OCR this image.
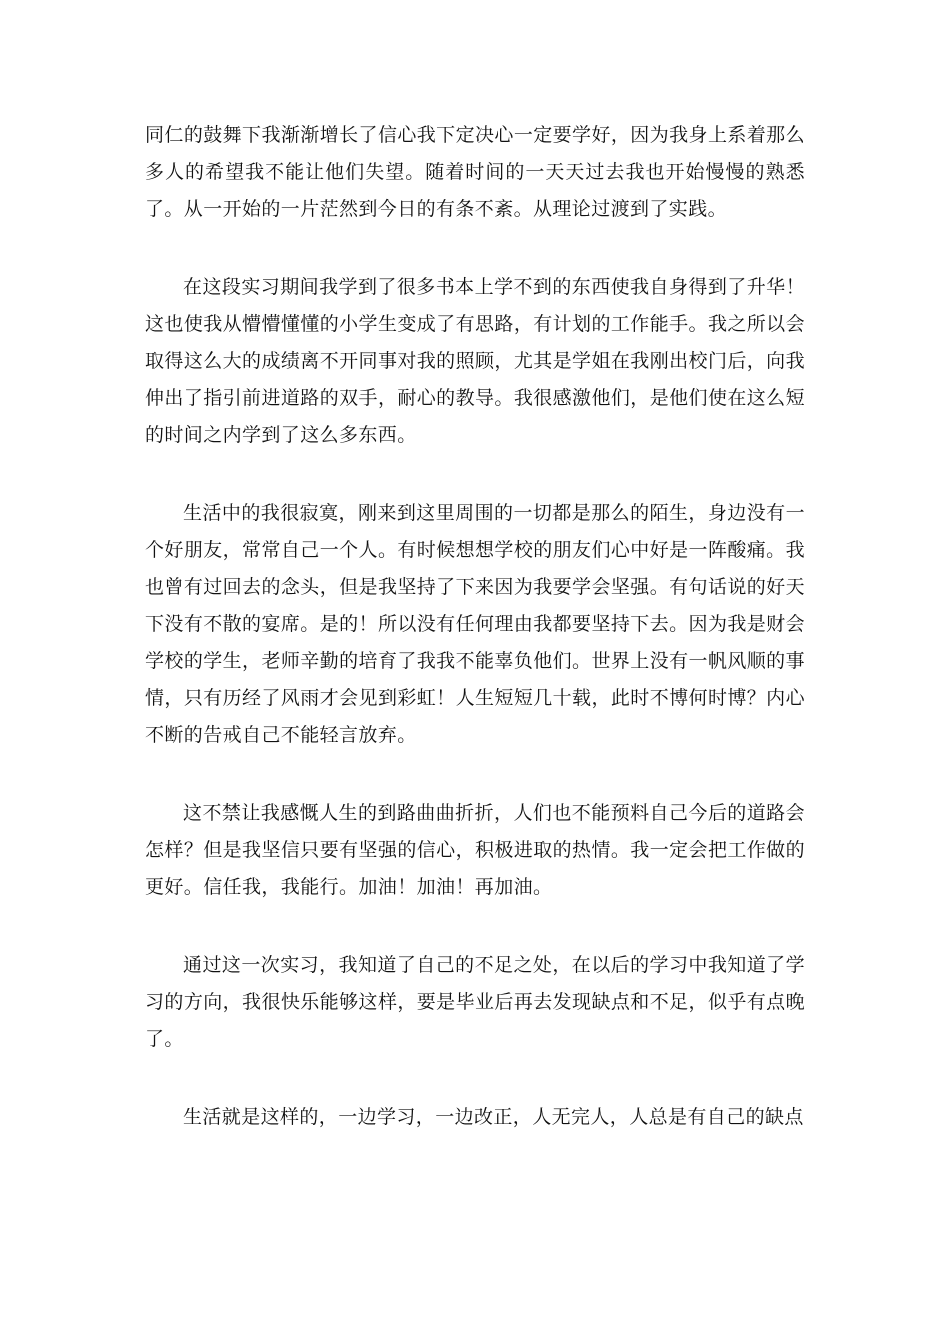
同仁的鼓舞下我渐渐增长了信心我下定决心一定要学好，因为我身上系着那么多人的希望我不能让他们失望。随着时间的一天天过去我也开始慢慢的熟悉了。从一开始的一片茫然到今日的有条不紊。从理论过渡到了实践。

在这段实习期间我学到了很多书本上学不到的东西使我自身得到了升华！这也使我从懵懵懂懂的小学生变成了有思路，有计划的工作能手。我之所以会取得这么大的成绩离不开同事对我的照顾，尤其是学姐在我刚出校门后，向我伸出了指引前进道路的双手，耐心的教导。我很感激他们，是他们使在这么短的时间之内学到了这么多东西。

生活中的我很寂寞，刚来到这里周围的一切都是那么的陌生，身边没有一个好朋友，常常自己一个人。有时候想想学校的朋友们心中好是一阵酸痛。我也曾有过回去的念头，但是我坚持了下来因为我要学会坚强。有句话说的好天下没有不散的宴席。是的！所以没有任何理由我都要坚持下去。因为我是财会学校的学生，老师辛勤的培育了我我不能辜负他们。世界上没有一帆风顺的事情，只有历经了风雨才会见到彩虹！人生短短几十载，此时不博何时博？内心不断的告戒自己不能轻言放弃。

这不禁让我感慨人生的到路曲曲折折，人们也不能预料自己今后的道路会怎样？但是我坚信只要有坚强的信心，积极进取的热情。我一定会把工作做的更好。信任我，我能行。加油！加油！再加油。

通过这一次实习，我知道了自己的不足之处，在以后的学习中我知道了学习的方向，我很快乐能够这样，要是毕业后再去发现缺点和不足，似乎有点晚了。

生活就是这样的，一边学习，一边改正，人无完人，人总是有自己的缺点
